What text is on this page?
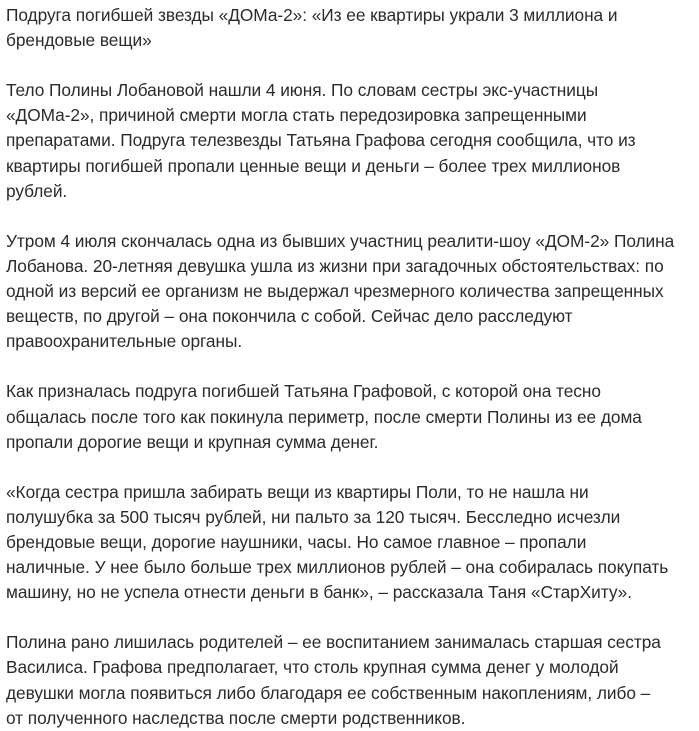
Подруга погибшей звезды «ДОМа-2»: «Из ее квартиры украли 3 миллиона и
брендовые вещи»

Тело Полины Лобановой нашли 4 июня. По словам сестры экс-участницы
«ДОМа-2», причиной смерти могла стать передозировка запрещенными
препаратами. Подруга телезвезды Татьяна Графова сегодня сообщила, что из
квартиры погибшей пропали ценные вещи и деньги – более трех миллионов
рублей.

Утром 4 июля скончалась одна из бывших участниц реалити-шоу «ДОМ-2» Полина
Лобанова. 20-летняя девушка ушла из жизни при загадочных обстоятельствах: по
одной из версий ее организм не выдержал чрезмерного количества запрещенных
веществ, по другой – она покончила с собой. Сейчас дело расследуют
правоохранительные органы.

Как призналась подруга погибшей Татьяна Графовой, с которой она тесно
общалась после того как покинула периметр, после смерти Полины из ее дома
пропали дорогие вещи и крупная сумма денег.

«Когда сестра пришла забирать вещи из квартиры Поли, то не нашла ни
полушубка за 500 тысяч рублей, ни пальто за 120 тысяч. Бесследно исчезли
брендовые вещи, дорогие наушники, часы. Но самое главное – пропали
наличные. У нее было больше трех миллионов рублей – она собиралась покупать
машину, но не успела отнести деньги в банк», – рассказала Таня «СтарХиту».

Полина рано лишилась родителей – ее воспитанием занималась старшая сестра
Василиса. Графова предполагает, что столь крупная сумма денег у молодой
девушки могла появиться либо благодаря ее собственным накоплениям, либо –
от полученного наследства после смерти родственников.
